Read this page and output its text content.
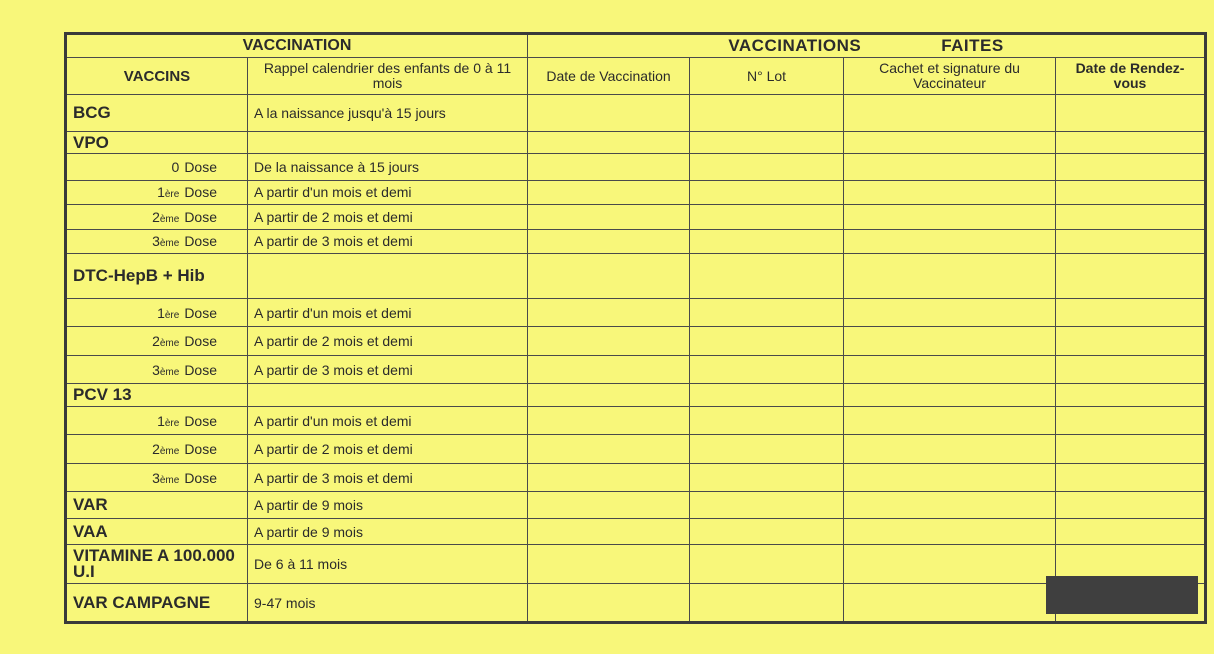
VACCINATION		VACCINATIONS FAITES			
VACCINS	Rappel calendrier des enfants de 0 à 11 mois	Date de Vaccination	N° Lot	Cachet et signature du Vaccinateur	Date de Rendez-vous
BCG	A la naissance jusqu'à 15 jours				
VPO					
0 Dose	De la naissance à 15 jours				
1ère Dose	A partir d'un mois et demi				
2ème Dose	A partir de 2 mois et demi				
3ème Dose	A partir de 3 mois et demi				
DTC-HepB + Hib					
1ère Dose	A partir d'un mois et demi				
2ème Dose	A partir de 2 mois et demi				
3ème Dose	A partir de 3 mois et demi				
PCV 13					
1ère Dose	A partir d'un mois et demi				
2ème Dose	A partir de 2 mois et demi				
3ème Dose	A partir de 3 mois et demi				
VAR	A partir de 9 mois				
VAA	A partir de 9 mois				
VITAMINE A 100.000 U.I	De 6 à 11 mois				
VAR CAMPAGNE	9-47 mois				
